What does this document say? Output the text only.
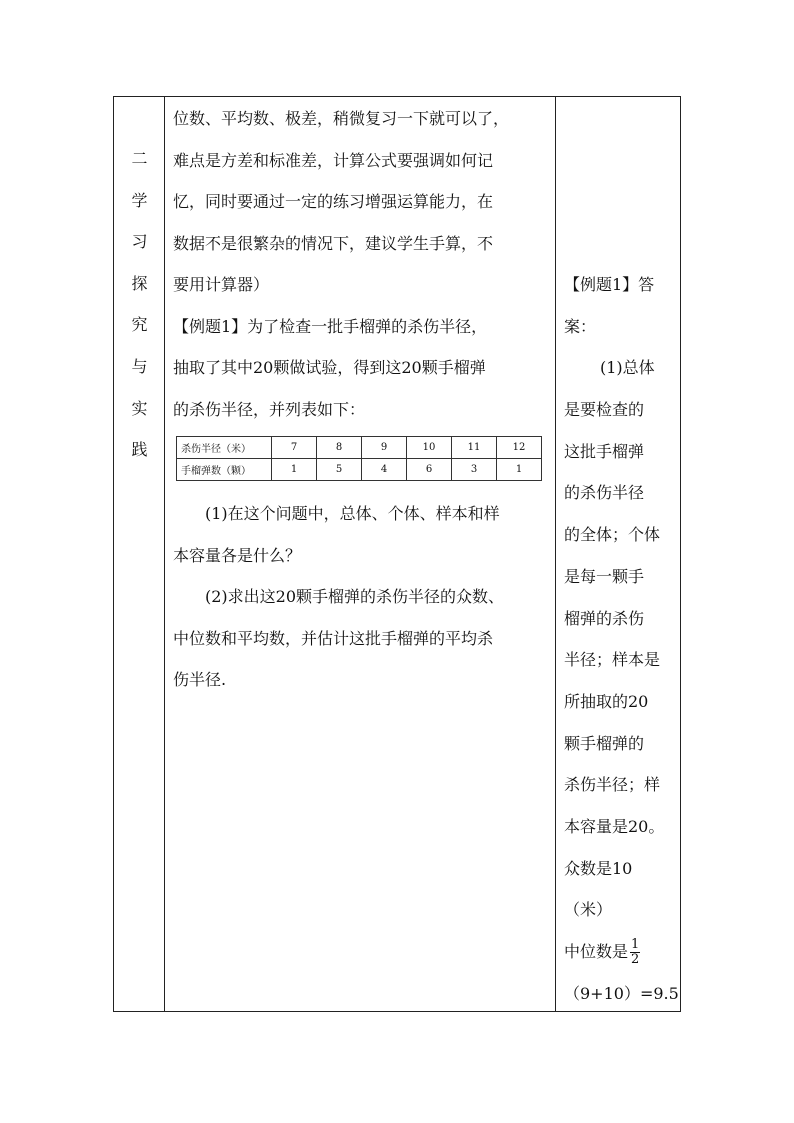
二
学
习
探
究
与
实
践
位数、平均数、极差，稍微复习一下就可以了，
难点是方差和标准差，计算公式要强调如何记
忆，同时要通过一定的练习增强运算能力，在
数据不是很繁杂的情况下，建议学生手算，不
要用计算器）
【例题1】为了检查一批手榴弹的杀伤半径，
抽取了其中20颗做试验，得到这20颗手榴弹
的杀伤半径，并列表如下：
杀伤半径（米）	7	8	9	10	11	12
手榴弹数（颗）	1	5	4	6	3	1
(1)在这个问题中，总体、个体、样本和样
本容量各是什么？
(2)求出这20颗手榴弹的杀伤半径的众数、
中位数和平均数，并估计这批手榴弹的平均杀
伤半径.
【例题1】答
案：
(1)总体
是要检查的
这批手榴弹
的杀伤半径
的全体；个体
是每一颗手
榴弹的杀伤
半径；样本是
所抽取的20
颗手榴弹的
杀伤半径；样
本容量是20。
众数是10
（米）
中位数是 $\frac{1}{2}$
（9+10）=9.5
